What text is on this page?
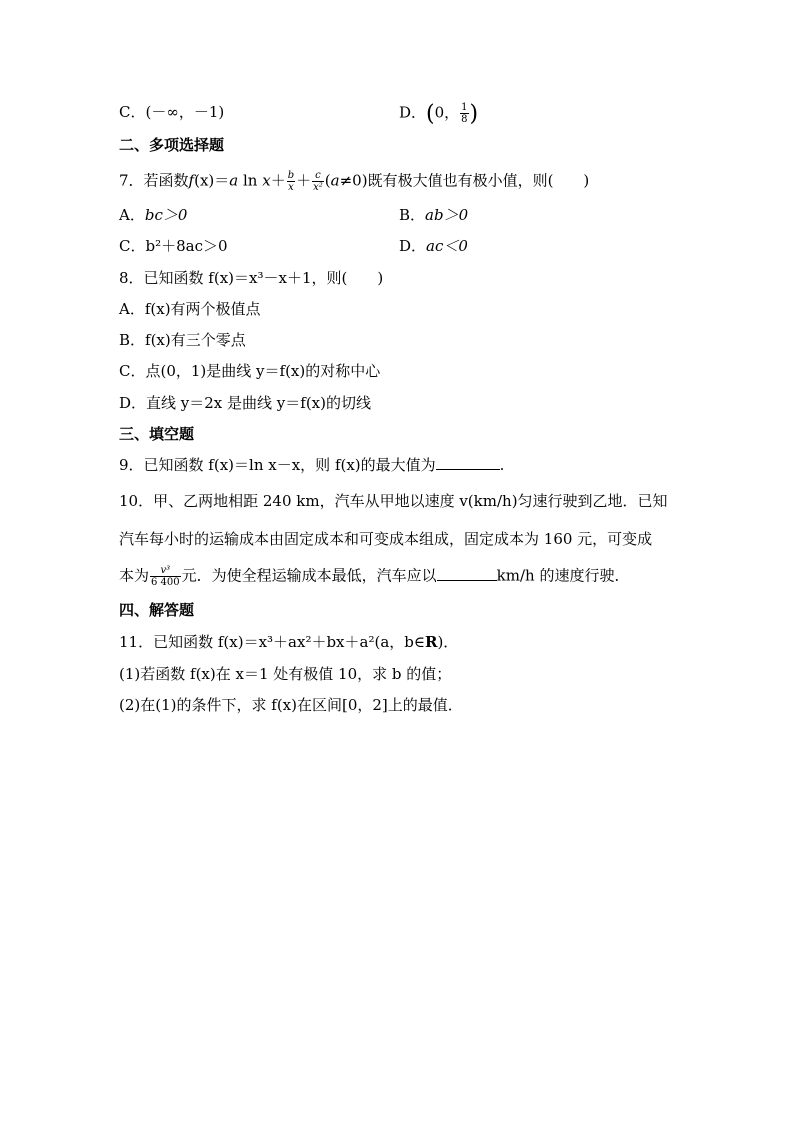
C．(－∞，－1)	D．(0， $\frac{1}{8}$ )
二、多项选择题
7．若函数f(x)＝a $\ln x+ \frac{b}{x} + \frac{c}{\text{x²}} (a\ne 0)$既有极大值也有极小值，则(　　)
A．bc＞0	B．ab＞0
C．b²＋8ac＞0	D．ac＜0
8．已知函数 f(x)＝x³－x＋1，则(　　)
A．f(x)有两个极值点
B．f(x)有三个零点
C．点(0，1)是曲线 y＝f(x)的对称中心
D．直线 y＝2x 是曲线 y＝f(x)的切线
三、填空题
9．已知函数 f(x)＝ln x－x，则 f(x)的最大值为	.
10．甲、乙两地相距 240 km，汽车从甲地以速度 v(km/h)匀速行驶到乙地．已知
汽车每小时的运输成本由固定成本和可变成本组成，固定成本为 160 元，可变成
本为 $\frac{\text{v³}}{6 400}$ 元．为使全程运输成本最低，汽车应以	km/h 的速度行驶．
四、解答题
11．已知函数 f(x)＝x³＋ax²＋bx＋a²(a，b∈R)．
(1)若函数 f(x)在 x＝1 处有极值 10，求 b 的值；
(2)在(1)的条件下，求 f(x)在区间[0，2]上的最值．
